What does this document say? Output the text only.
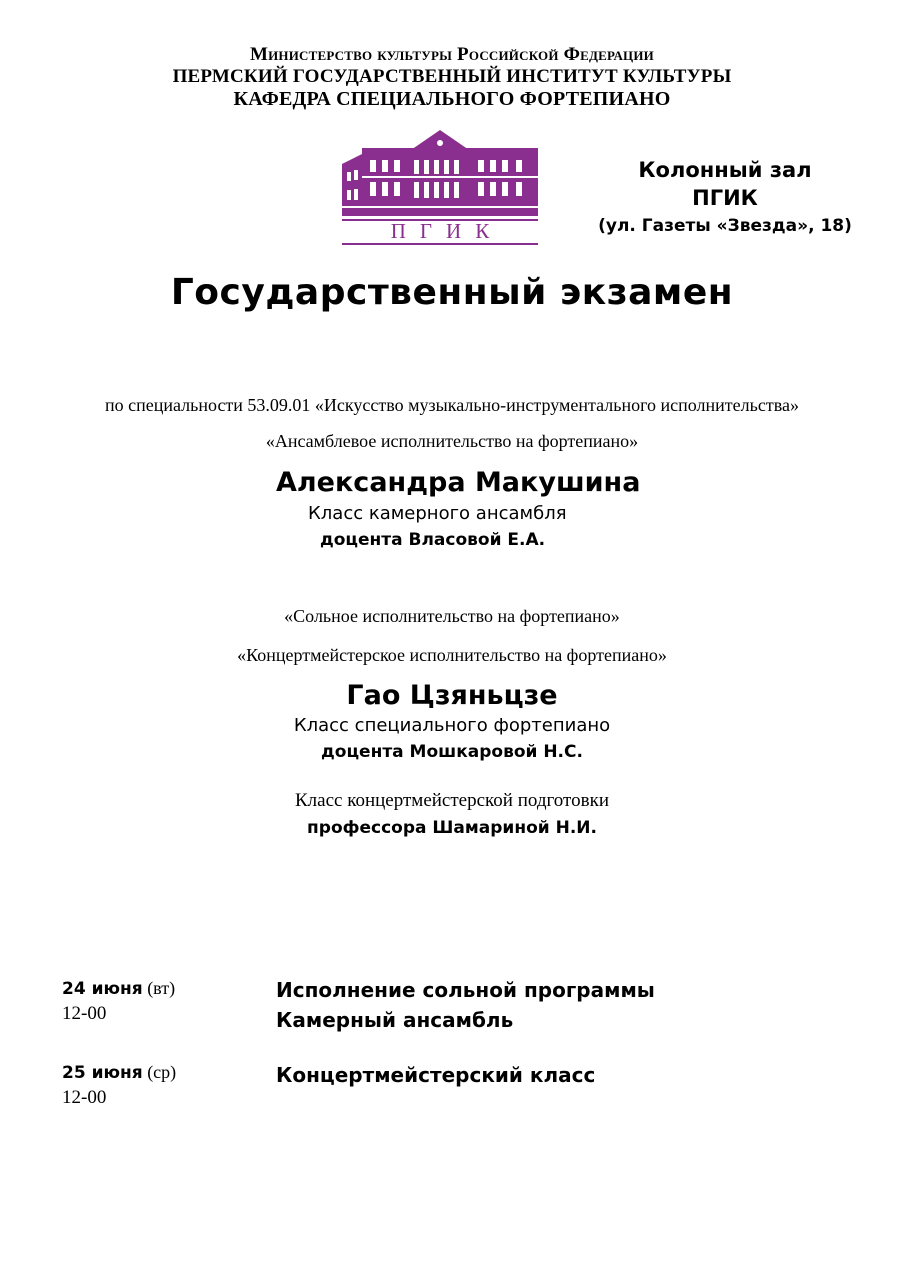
Министерство культуры Российской Федерации
ПЕРМСКИЙ ГОСУДАРСТВЕННЫЙ ИНСТИТУТ КУЛЬТУРЫ
КАФЕДРА СПЕЦИАЛЬНОГО ФОРТЕПИАНО
ПГИК
Колонный зал
ПГИК
(ул. Газеты «Звезда», 18)
Государственный экзамен
по специальности 53.09.01 «Искусство музыкально-инструментального исполнительства»
«Ансамблевое исполнительство на фортепиано»
Александра Макушина
Класс камерного ансамбля
доцента Власовой Е.А.
«Сольное исполнительство на фортепиано»
«Концертмейстерское исполнительство на фортепиано»
Гао Цзяньцзе
Класс специального фортепиано
доцента Мошкаровой Н.С.
Класс концертмейстерской подготовки
профессора Шамариной Н.И.
24 июня (вт)
12-00
Исполнение сольной программы
Камерный ансамбль
25 июня (ср)
12-00
Концертмейстерский класс
